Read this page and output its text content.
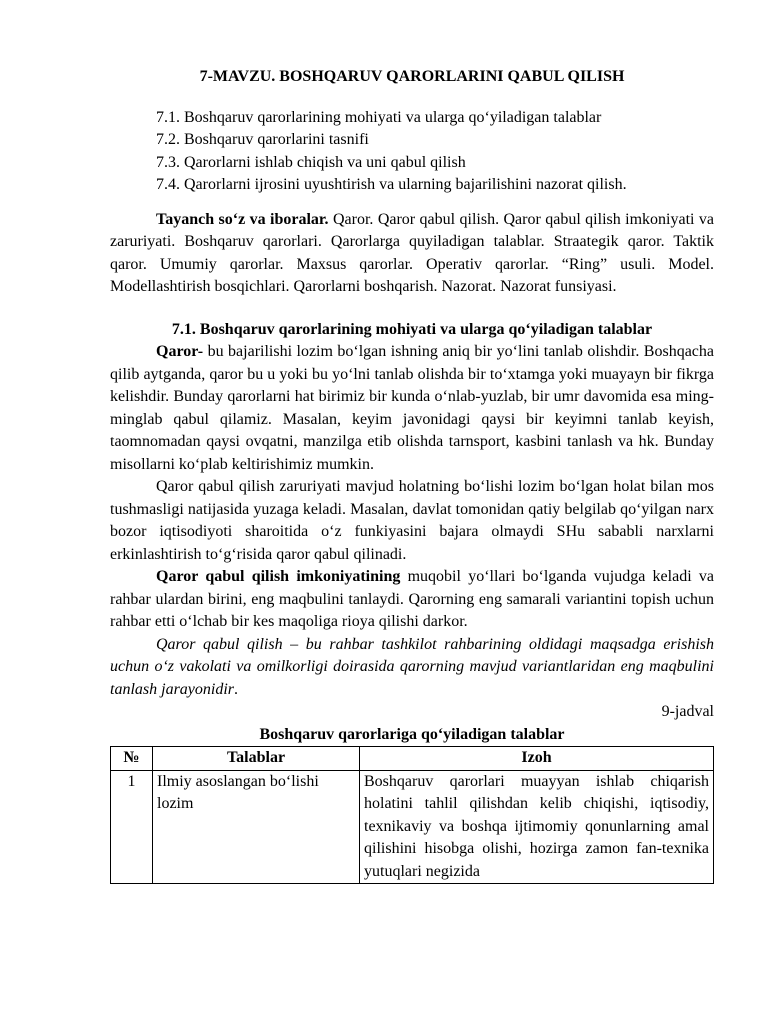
7-MAVZU. BOSHQARUV QARORLARINI QABUL QILISH
7.1. Boshqaruv qarorlarining mohiyati va ularga qo‘yiladigan talablar
7.2. Boshqaruv qarorlarini tasnifi
7.3. Qarorlarni ishlab chiqish va uni qabul qilish
7.4. Qarorlarni ijrosini uyushtirish va ularning bajarilishini nazorat qilish.

Tayanch so‘z va iboralar. Qaror. Qaror qabul qilish. Qaror qabul qilish imkoniyati va zaruriyati. Boshqaruv qarorlari. Qarorlarga quyiladigan talablar. Straategik qaror. Taktik qaror. Umumiy qarorlar. Maxsus qarorlar. Operativ qarorlar. “Ring” usuli. Model. Modellashtirish bosqichlari. Qarorlarni boshqarish. Nazorat. Nazorat funsiyasi.

7.1. Boshqaruv qarorlarining mohiyati va ularga qo‘yiladigan talablar

Qaror- bu bajarilishi lozim bo‘lgan ishning aniq bir yo‘lini tanlab olishdir. Boshqacha qilib aytganda, qaror bu u yoki bu yo‘lni tanlab olishda bir to‘xtamga yoki muayayn bir fikrga kelishdir. Bunday qarorlarni hat birimiz bir kunda o‘nlab-yuzlab, bir umr davomida esa ming-minglab qabul qilamiz. Masalan, keyim javonidagi qaysi bir keyimni tanlab keyish, taomnomadan qaysi ovqatni, manzilga etib olishda tarnsport, kasbini tanlash va hk. Bunday misollarni ko‘plab keltirishimiz mumkin.

Qaror qabul qilish zaruriyati mavjud holatning bo‘lishi lozim bo‘lgan holat bilan mos tushmasligi natijasida yuzaga keladi. Masalan, davlat tomonidan qatiy belgilab qo‘yilgan narx bozor iqtisodiyoti sharoitida o‘z funkiyasini bajara olmaydi SHu sababli narxlarni erkinlashtirish to‘g‘risida qaror qabul qilinadi.

Qaror qabul qilish imkoniyatining muqobil yo‘llari bo‘lganda vujudga keladi va rahbar ulardan birini, eng maqbulini tanlaydi. Qarorning eng samarali variantini topish uchun rahbar etti o‘lchab bir kes maqoliga rioya qilishi darkor.

Qaror qabul qilish – bu rahbar tashkilot rahbarining oldidagi maqsadga erishish uchun o‘z vakolati va omilkorligi doirasida qarorning mavjud variantlaridan eng maqbulini tanlash jarayonidir.

9-jadval

Boshqaruv qarorlariga qo‘yiladigan talablar
№	Talablar	Izoh
1	Ilmiy asoslangan bo‘lishi lozim	Boshqaruv qarorlari muayyan ishlab chiqarish holatini tahlil qilishdan kelib chiqishi, iqtisodiy, texnikaviy va boshqa ijtimomiy qonunlarning amal qilishini hisobga olishi, hozirga zamon fan-texnika yutuqlari negizida
